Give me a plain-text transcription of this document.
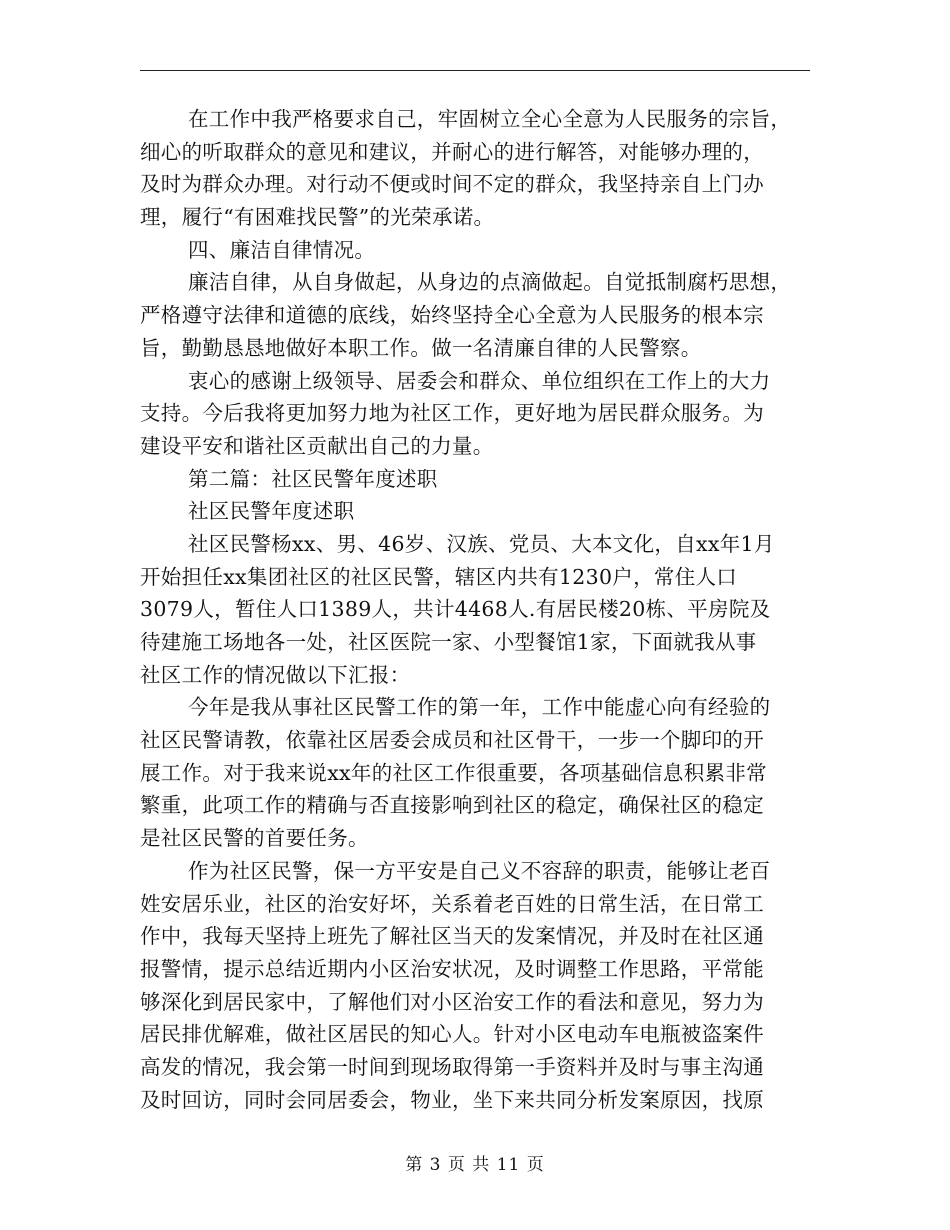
在工作中我严格要求自己，牢固树立全心全意为人民服务的宗旨，
细心的听取群众的意见和建议，并耐心的进行解答，对能够办理的，
及时为群众办理。对行动不便或时间不定的群众，我坚持亲自上门办
理，履行“有困难找民警”的光荣承诺。
四、廉洁自律情况。
廉洁自律，从自身做起，从身边的点滴做起。自觉抵制腐朽思想，
严格遵守法律和道德的底线，始终坚持全心全意为人民服务的根本宗
旨，勤勤恳恳地做好本职工作。做一名清廉自律的人民警察。
衷心的感谢上级领导、居委会和群众、单位组织在工作上的大力
支持。今后我将更加努力地为社区工作，更好地为居民群众服务。为
建设平安和谐社区贡献出自己的力量。
第二篇：社区民警年度述职
社区民警年度述职
社区民警杨xx、男、46岁、汉族、党员、大本文化，自xx年1月
开始担任xx集团社区的社区民警，辖区内共有1230户，常住人口
3079人，暂住人口1389人，共计4468人.有居民楼20栋、平房院及
待建施工场地各一处，社区医院一家、小型餐馆1家，下面就我从事
社区工作的情况做以下汇报：
今年是我从事社区民警工作的第一年，工作中能虚心向有经验的
社区民警请教，依靠社区居委会成员和社区骨干，一步一个脚印的开
展工作。对于我来说xx年的社区工作很重要，各项基础信息积累非常
繁重，此项工作的精确与否直接影响到社区的稳定，确保社区的稳定
是社区民警的首要任务。
作为社区民警，保一方平安是自己义不容辞的职责，能够让老百
姓安居乐业，社区的治安好坏，关系着老百姓的日常生活，在日常工
作中，我每天坚持上班先了解社区当天的发案情况，并及时在社区通
报警情，提示总结近期内小区治安状况，及时调整工作思路，平常能
够深化到居民家中，了解他们对小区治安工作的看法和意见，努力为
居民排优解难，做社区居民的知心人。针对小区电动车电瓶被盗案件
高发的情况，我会第一时间到现场取得第一手资料并及时与事主沟通
及时回访，同时会同居委会，物业，坐下来共同分析发案原因，找原
第 3 页 共 11 页
